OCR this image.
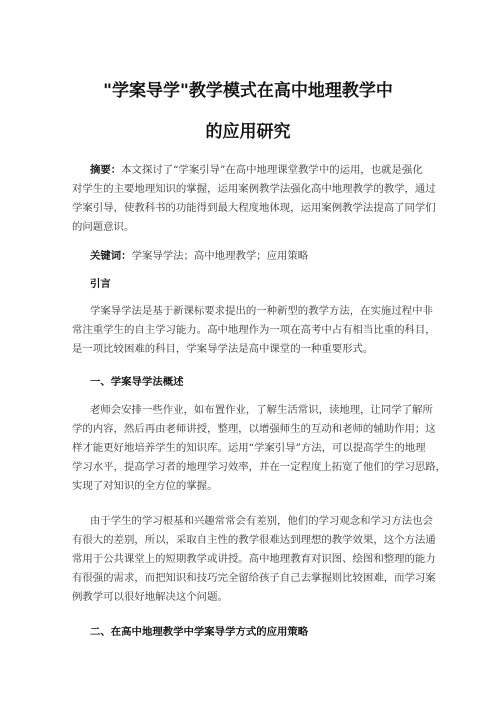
"学案导学"教学模式在高中地理教学中
的应用研究
摘要：本文探讨了“学案引导”在高中地理课堂教学中的运用，也就是强化
对学生的主要地理知识的掌握，运用案例教学法强化高中地理教学的教学，通过
学案引导，使教科书的功能得到最大程度地体现，运用案例教学法提高了同学们
的问题意识。
关键词：学案导学法；高中地理教学；应用策略
引言
学案导学法是基于新课标要求提出的一种新型的教学方法，在实施过程中非
常注重学生的自主学习能力。高中地理作为一项在高考中占有相当比重的科目，
是一项比较困难的科目，学案导学法是高中课堂的一种重要形式。
一、学案导学法概述
老师会安排一些作业，如布置作业，了解生活常识，读地理，让同学了解所
学的内容，然后再由老师讲授，整理，以增强师生的互动和老师的辅助作用；这
样才能更好地培养学生的知识库。运用“学案引导”方法，可以提高学生的地理
学习水平，提高学习者的地理学习效率，并在一定程度上拓宽了他们的学习思路，
实现了对知识的全方位的掌握。
由于学生的学习根基和兴趣常常会有差别，他们的学习观念和学习方法也会
有很大的差别，所以，采取自主性的教学很难达到理想的教学效果，这个方法通
常用于公共课堂上的短期教学或讲授。高中地理教育对识图、绘图和整理的能力
有很强的需求，而把知识和技巧完全留给孩子自己去掌握则比较困难，而学习案
例教学可以很好地解决这个问题。
二、在高中地理教学中学案导学方式的应用策略
